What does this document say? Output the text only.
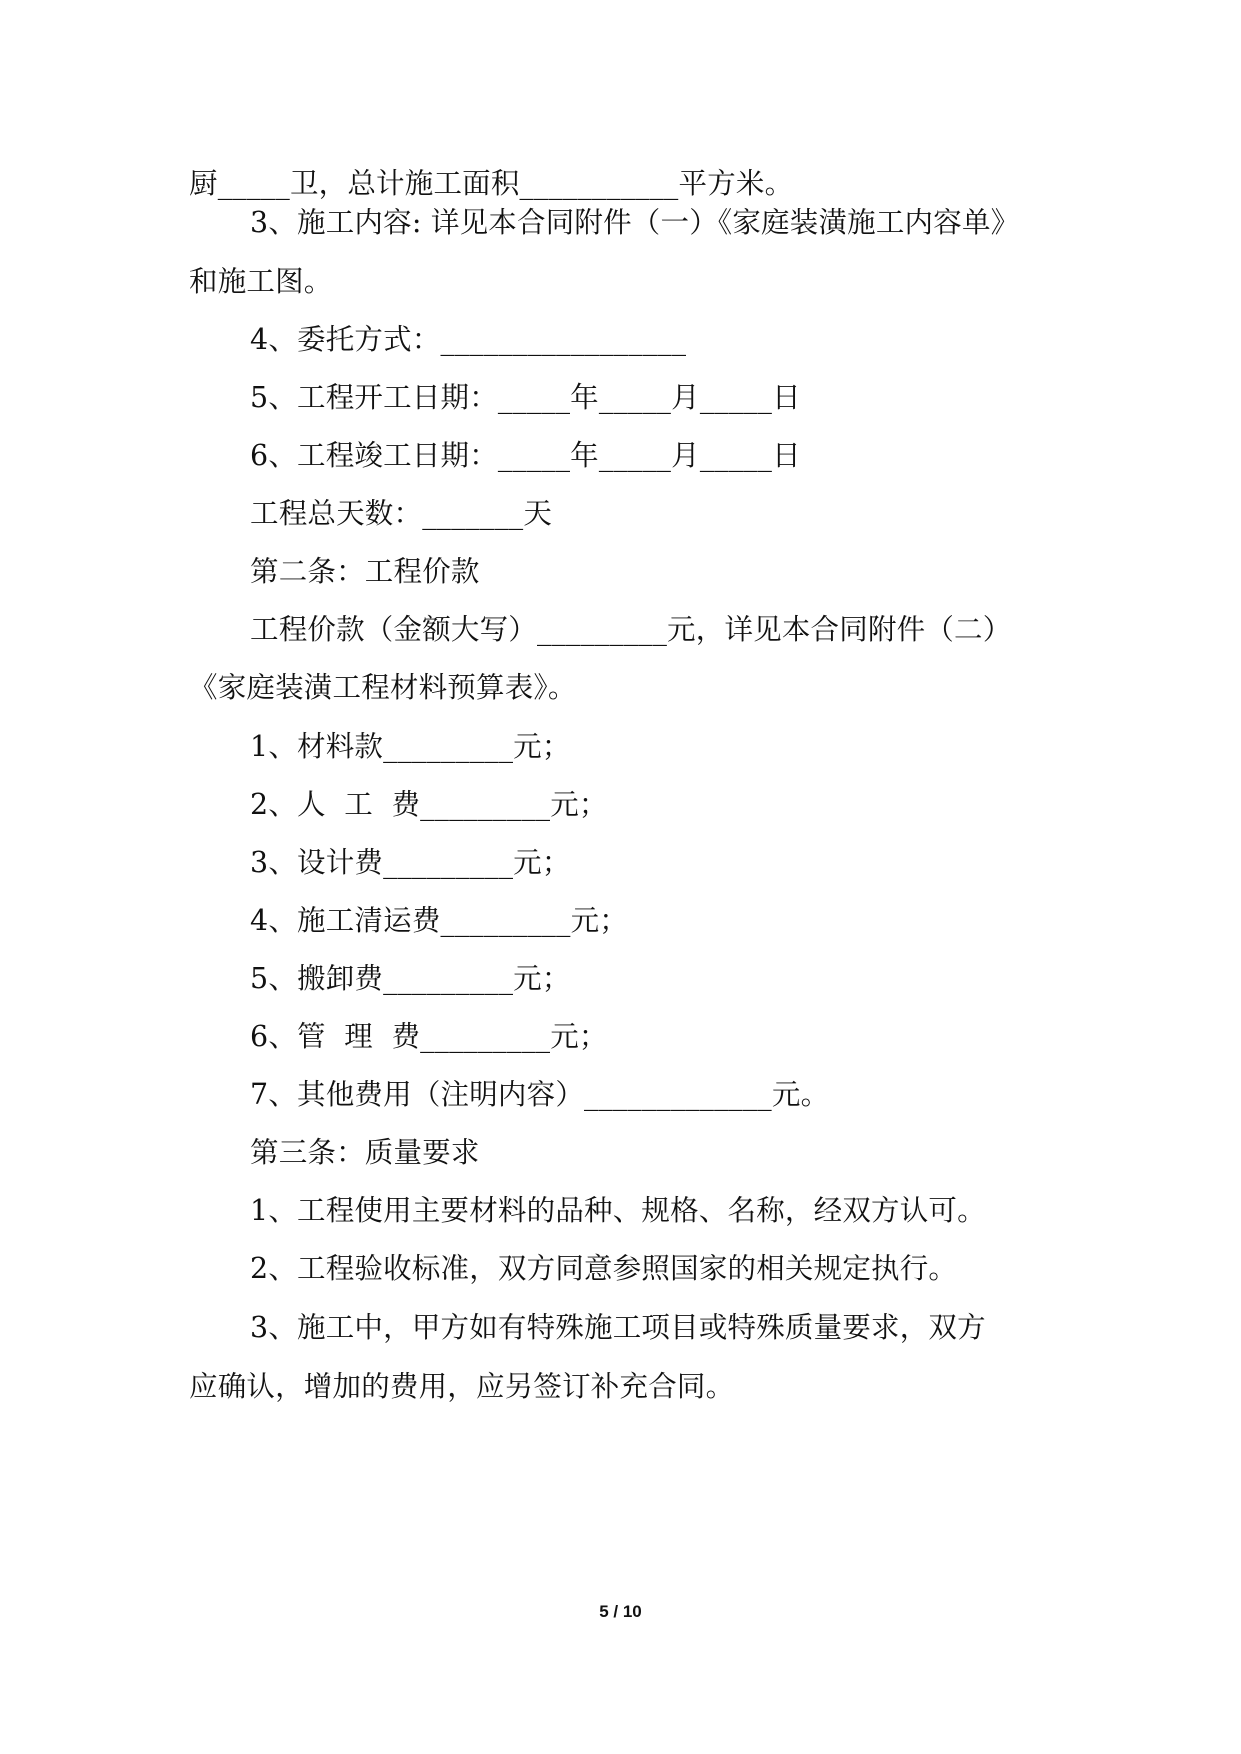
厨_____卫，总计施工面积___________平方米。
3、施工内容: 详见本合同附件（一）《家庭装潢施工内容单》
和施工图。
4、委托方式：_________________
5、工程开工日期：_____年_____月_____日
6、工程竣工日期：_____年_____月_____日
工程总天数：_______天
第二条：工程价款
工程价款（金额大写）_________元，详见本合同附件（二）
《家庭装潢工程材料预算表》。
1、材料款_________元；
2、人  工  费_________元；
3、设计费_________元；
4、施工清运费_________元；
5、搬卸费_________元；
6、管  理  费_________元；
7、其他费用（注明内容）_____________元。
第三条：质量要求
1、工程使用主要材料的品种、规格、名称，经双方认可。
2、工程验收标准，双方同意参照国家的相关规定执行。
3、施工中，甲方如有特殊施工项目或特殊质量要求，双方
应确认，增加的费用，应另签订补充合同。
5 / 10
